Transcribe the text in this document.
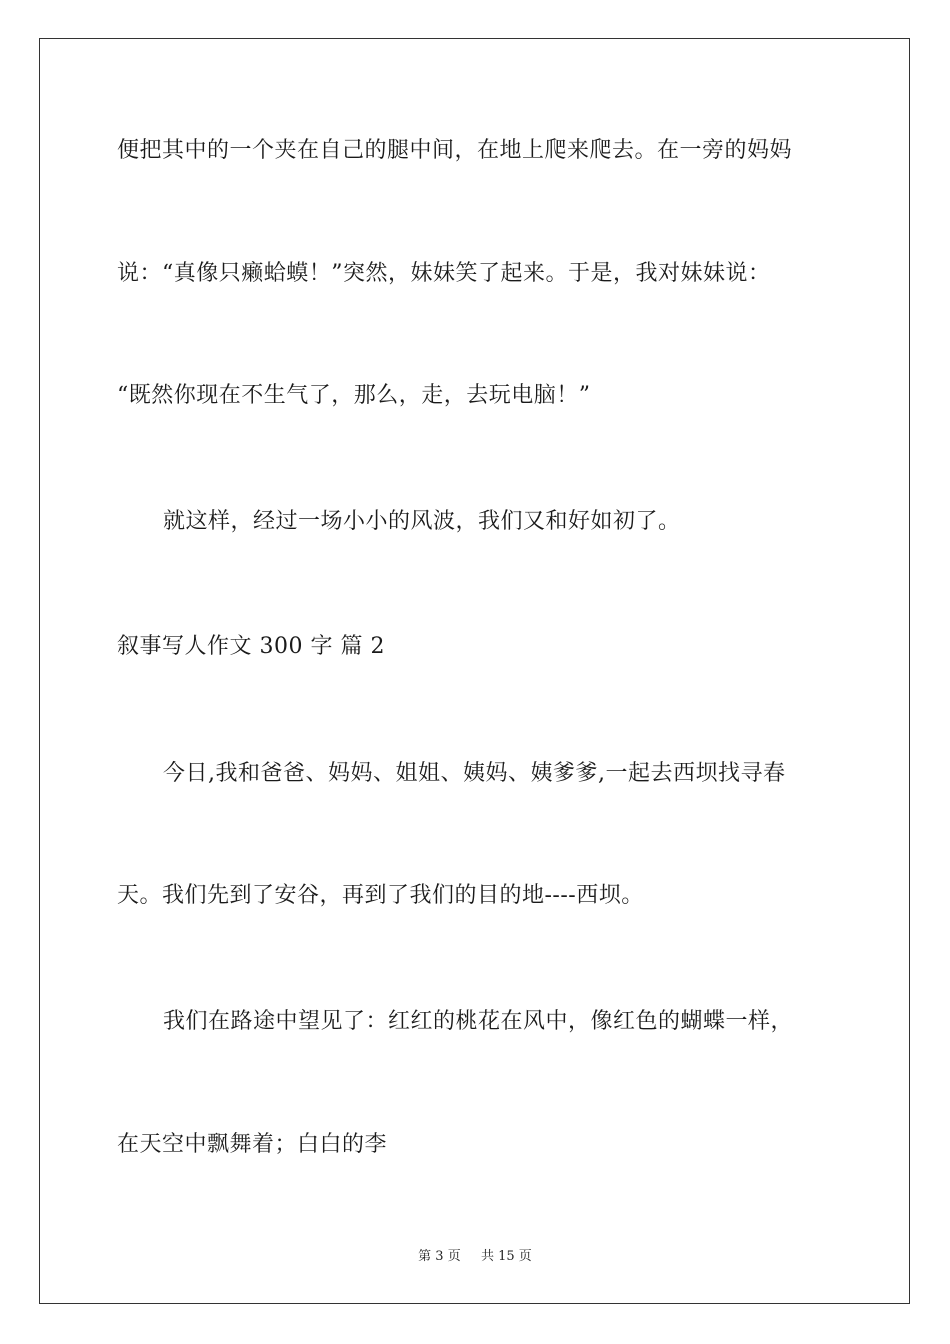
便把其中的一个夹在自己的腿中间，在地上爬来爬去。在一旁的妈妈
说：“真像只癞蛤蟆！”突然，妹妹笑了起来。于是，我对妹妹说：
“既然你现在不生气了，那么，走，去玩电脑！”
就这样，经过一场小小的风波，我们又和好如初了。
叙事写人作文 300 字 篇 2
今日,我和爸爸、妈妈、姐姐、姨妈、姨爹爹,一起去西坝找寻春
天。我们先到了安谷，再到了我们的目的地----西坝。
我们在路途中望见了：红红的桃花在风中，像红色的蝴蝶一样，
在天空中飘舞着；白白的李
第 3 页 共 15 页
